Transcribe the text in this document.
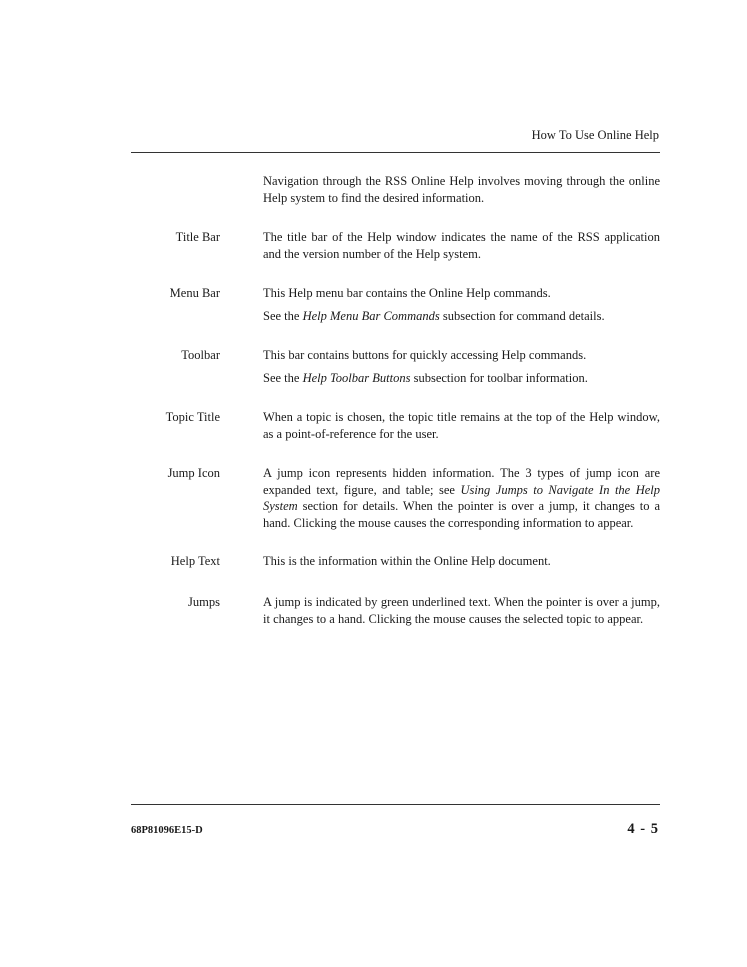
How To Use Online Help
Navigation through the RSS Online Help involves moving through the online Help system to find the desired information.
Title Bar	The title bar of the Help window indicates the name of the RSS application and the version number of the Help system.

Menu Bar	This Help menu bar contains the Online Help commands.

See the Help Menu Bar Commands subsection for command details.

Toolbar	This bar contains buttons for quickly accessing Help commands.

See the Help Toolbar Buttons subsection for toolbar information.

Topic Title	When a topic is chosen, the topic title remains at the top of the Help window, as a point-of-reference for the user.

Jump Icon	A jump icon represents hidden information. The 3 types of jump icon are expanded text, figure, and table; see Using Jumps to Navigate In the Help System section for details. When the pointer is over a jump, it changes to a hand. Clicking the mouse causes the corresponding information to appear.

Help Text	This is the information within the Online Help document.

Jumps	A jump is indicated by green underlined text. When the pointer is over a jump, it changes to a hand. Clicking the mouse causes the selected topic to appear.

68P81096E15-D	4 - 5
